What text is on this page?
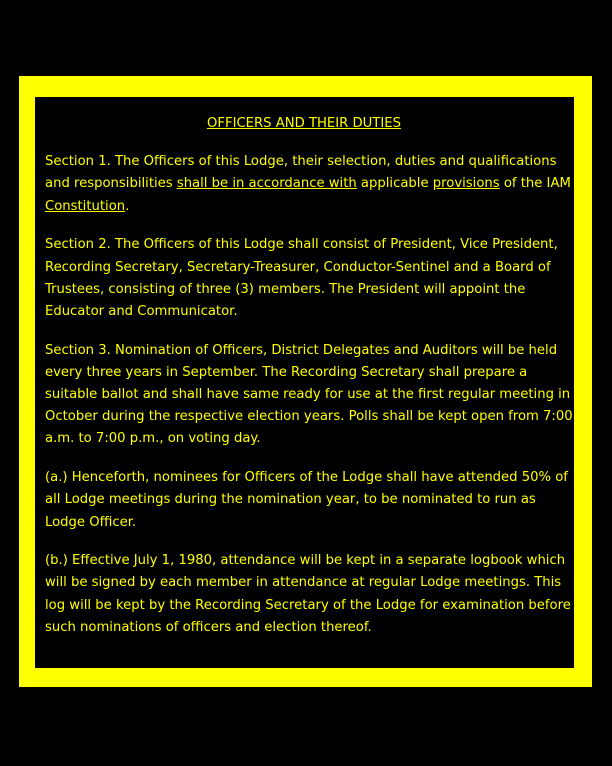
OFFICERS AND THEIR DUTIES

Section 1. The Officers of this Lodge, their selection, duties and qualifications and responsibilities shall be in accordance with applicable provisions of the IAM Constitution.

Section 2. The Officers of this Lodge shall consist of President, Vice President, Recording Secretary, Secretary-Treasurer, Conductor-Sentinel and a Board of Trustees, consisting of three (3) members. The President will appoint the Educator and Communicator.

Section 3. Nomination of Officers, District Delegates and Auditors will be held every three years in September. The Recording Secretary shall prepare a suitable ballot and shall have same ready for use at the first regular meeting in October during the respective election years. Polls shall be kept open from 7:00 a.m. to 7:00 p.m., on voting day.

(a.) Henceforth, nominees for Officers of the Lodge shall have attended 50% of all Lodge meetings during the nomination year, to be nominated to run as Lodge Officer.

(b.) Effective July 1, 1980, attendance will be kept in a separate logbook which will be signed by each member in attendance at regular Lodge meetings. This log will be kept by the Recording Secretary of the Lodge for examination before such nominations of officers and election thereof.
